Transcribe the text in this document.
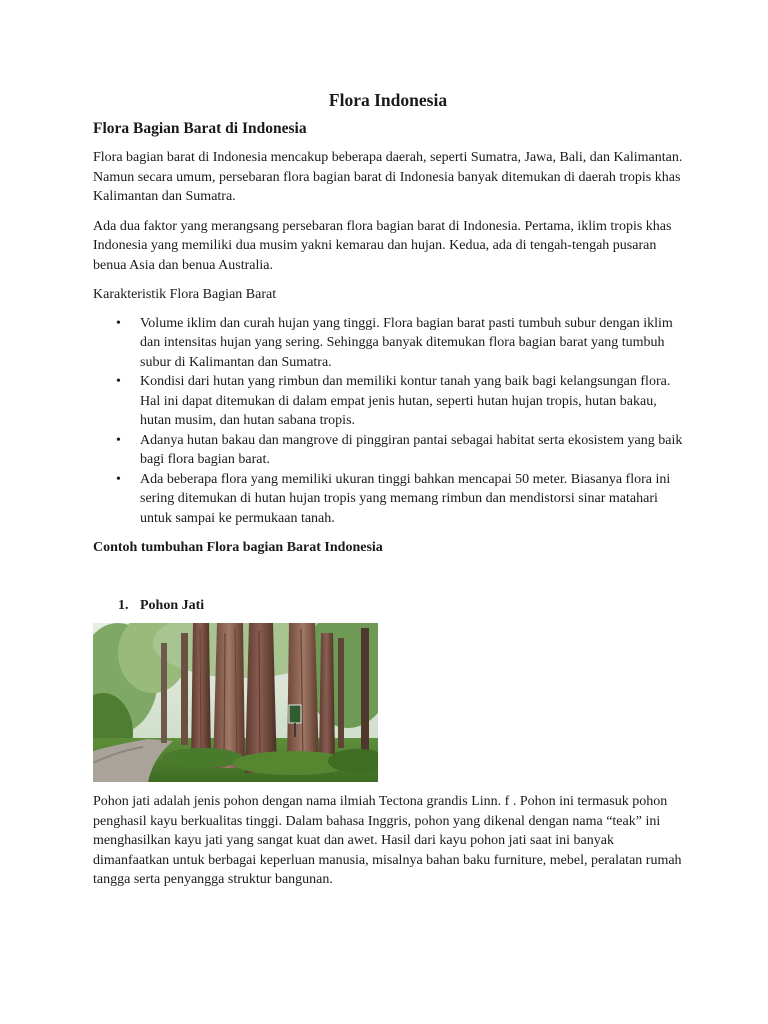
Flora Indonesia
Flora Bagian Barat di Indonesia

Flora bagian barat di Indonesia mencakup beberapa daerah, seperti Sumatra, Jawa, Bali, dan Kalimantan. Namun secara umum, persebaran flora bagian barat di Indonesia banyak ditemukan di daerah tropis khas Kalimantan dan Sumatra.

Ada dua faktor yang merangsang persebaran flora bagian barat di Indonesia. Pertama, iklim tropis khas Indonesia yang memiliki dua musim yakni kemarau dan hujan. Kedua, ada di tengah-tengah pusaran benua Asia dan benua Australia.

Karakteristik Flora Bagian Barat

• Volume iklim dan curah hujan yang tinggi. Flora bagian barat pasti tumbuh subur dengan iklim dan intensitas hujan yang sering. Sehingga banyak ditemukan flora bagian barat yang tumbuh subur di Kalimantan dan Sumatra.
• Kondisi dari hutan yang rimbun dan memiliki kontur tanah yang baik bagi kelangsungan flora. Hal ini dapat ditemukan di dalam empat jenis hutan, seperti hutan hujan tropis, hutan bakau, hutan musim, dan hutan sabana tropis.
• Adanya hutan bakau dan mangrove di pinggiran pantai sebagai habitat serta ekosistem yang baik bagi flora bagian barat.
• Ada beberapa flora yang memiliki ukuran tinggi bahkan mencapai 50 meter. Biasanya flora ini sering ditemukan di hutan hujan tropis yang memang rimbun dan mendistorsi sinar matahari untuk sampai ke permukaan tanah.

Contoh tumbuhan Flora bagian Barat Indonesia

1. Pohon Jati

Pohon jati adalah jenis pohon dengan nama ilmiah Tectona grandis Linn. f . Pohon ini termasuk pohon penghasil kayu berkualitas tinggi. Dalam bahasa Inggris, pohon yang dikenal dengan nama “teak” ini menghasilkan kayu jati yang sangat kuat dan awet. Hasil dari kayu pohon jati saat ini banyak dimanfaatkan untuk berbagai keperluan manusia, misalnya bahan baku furniture, mebel, peralatan rumah tangga serta penyangga struktur bangunan.
